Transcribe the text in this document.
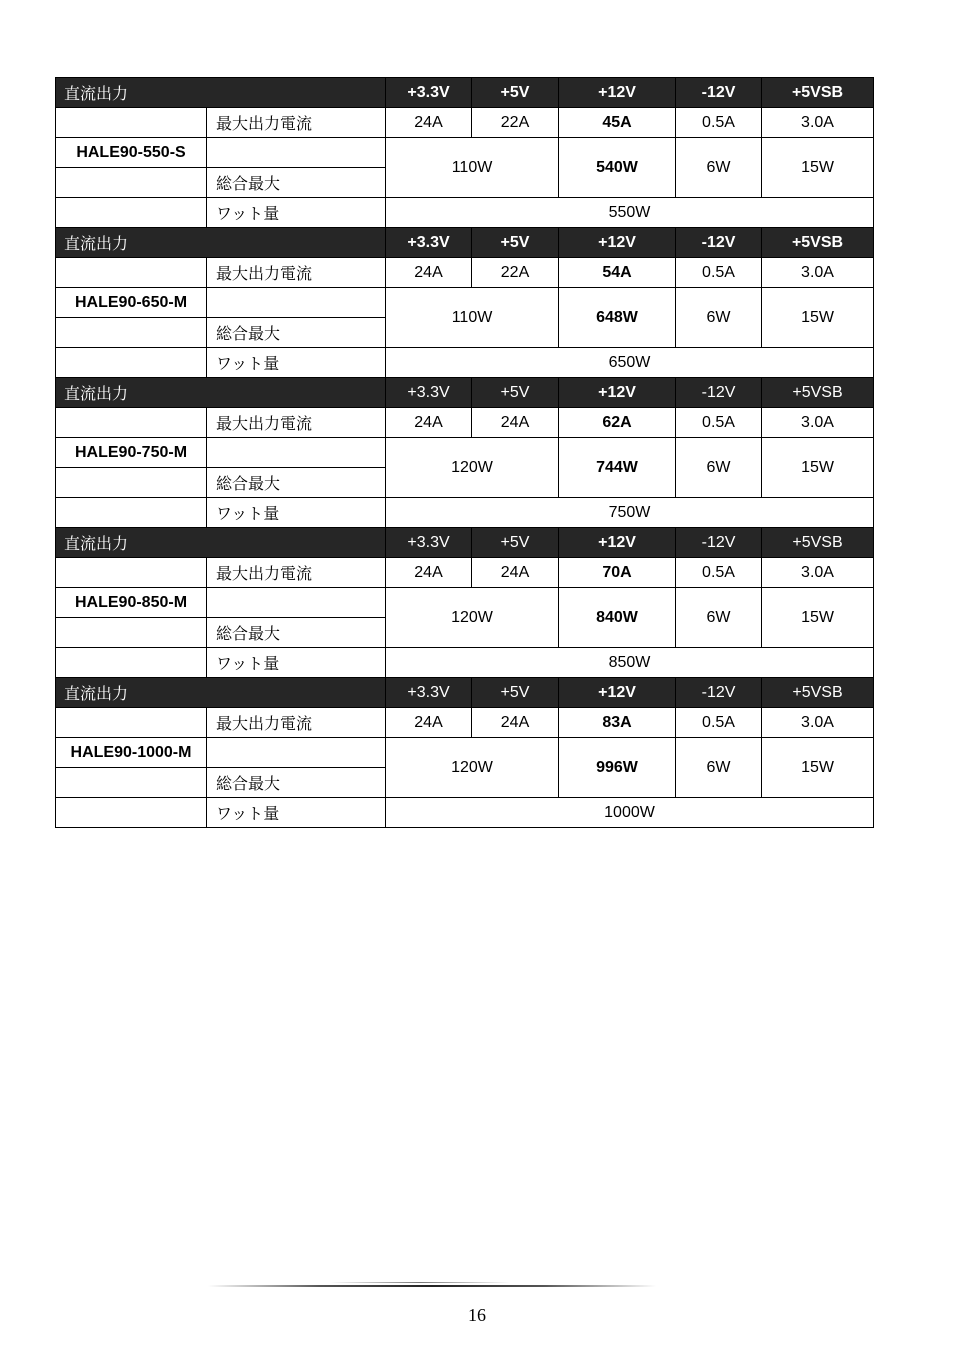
直流出力		+3.3V	+5V	+12V	-12V	+5VSB
	最大出力電流	24A	22A	45A	0.5A	3.0A
HALE90-550-S		110W		540W	6W	15W
	総合最大					
	ワット量	550W				
直流出力		+3.3V	+5V	+12V	-12V	+5VSB
	最大出力電流	24A	22A	54A	0.5A	3.0A
HALE90-650-M		110W		648W	6W	15W
	総合最大					
	ワット量	650W				
直流出力		+3.3V	+5V	+12V	-12V	+5VSB
	最大出力電流	24A	24A	62A	0.5A	3.0A
HALE90-750-M		120W		744W	6W	15W
	総合最大					
	ワット量	750W				
直流出力		+3.3V	+5V	+12V	-12V	+5VSB
	最大出力電流	24A	24A	70A	0.5A	3.0A
HALE90-850-M		120W		840W	6W	15W
	総合最大					
	ワット量	850W				
直流出力		+3.3V	+5V	+12V	-12V	+5VSB
	最大出力電流	24A	24A	83A	0.5A	3.0A
HALE90-1000-M		120W		996W	6W	15W
	総合最大					
	ワット量	1000W				
16
